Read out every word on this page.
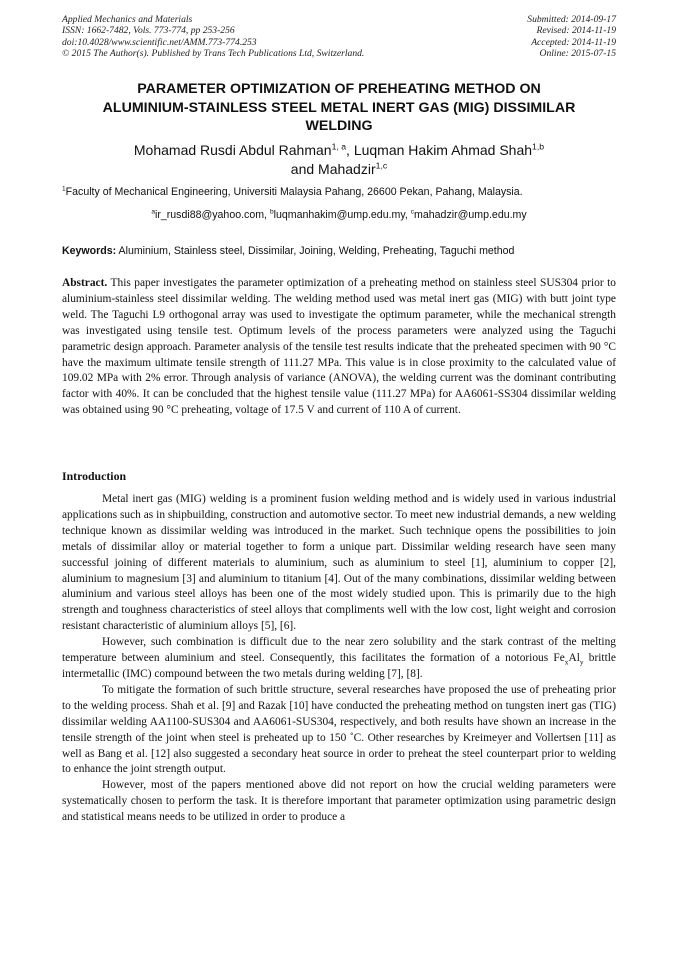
Applied Mechanics and Materials
ISSN: 1662-7482, Vols. 773-774, pp 253-256
doi:10.4028/www.scientific.net/AMM.773-774.253
© 2015 The Author(s). Published by Trans Tech Publications Ltd, Switzerland.
Submitted: 2014-09-17
Revised: 2014-11-19
Accepted: 2014-11-19
Online: 2015-07-15
PARAMETER OPTIMIZATION OF PREHEATING METHOD ON
ALUMINIUM-STAINLESS STEEL METAL INERT GAS (MIG) DISSIMILAR
WELDING
Mohamad Rusdi Abdul Rahman$^{1, a}$, Luqman Hakim Ahmad Shah$^{1,b}$
and Mahadzir$^{1,c}$
$^1$Faculty of Mechanical Engineering, Universiti Malaysia Pahang, 26600 Pekan, Pahang, Malaysia.
$^a$ir_rusdi88@yahoo.com, $^b$luqmanhakim@ump.edu.my, $^c$mahadzir@ump.edu.my
Keywords: Aluminium, Stainless steel, Dissimilar, Joining, Welding, Preheating, Taguchi method
Abstract. This paper investigates the parameter optimization of a preheating method on stainless steel SUS304 prior to aluminium-stainless steel dissimilar welding. The welding method used was metal inert gas (MIG) with butt joint type weld. The Taguchi L9 orthogonal array was used to investigate the optimum parameter, while the mechanical strength was investigated using tensile test. Optimum levels of the process parameters were analyzed using the Taguchi parametric design approach. Parameter analysis of the tensile test results indicate that the preheated specimen with 90 °C have the maximum ultimate tensile strength of 111.27 MPa. This value is in close proximity to the calculated value of 109.02 MPa with 2% error. Through analysis of variance (ANOVA), the welding current was the dominant contributing factor with 40%. It can be concluded that the highest tensile value (111.27 MPa) for AA6061-SS304 dissimilar welding was obtained using 90 °C preheating, voltage of 17.5 V and current of 110 A of current.
Introduction

Metal inert gas (MIG) welding is a prominent fusion welding method and is widely used in various industrial applications such as in shipbuilding, construction and automotive sector. To meet new industrial demands, a new welding technique known as dissimilar welding was introduced in the market. Such technique opens the possibilities to join metals of dissimilar alloy or material together to form a unique part. Dissimilar welding research have seen many successful joining of different materials to aluminium, such as aluminium to steel [1], aluminium to copper [2], aluminium to magnesium [3] and aluminium to titanium [4]. Out of the many combinations, dissimilar welding between aluminium and various steel alloys has been one of the most widely studied upon. This is primarily due to the high strength and toughness characteristics of steel alloys that compliments well with the low cost, light weight and corrosion resistant characteristic of aluminium alloys [5], [6].

However, such combination is difficult due to the near zero solubility and the stark contrast of the melting temperature between aluminium and steel. Consequently, this facilitates the formation of a notorious $Fe_xAl_y$ brittle intermetallic (IMC) compound between the two metals during welding [7], [8].

To mitigate the formation of such brittle structure, several researches have proposed the use of preheating prior to the welding process. Shah et al. [9] and Razak [10] have conducted the preheating method on tungsten inert gas (TIG) dissimilar welding AA1100-SUS304 and AA6061-SUS304, respectively, and both results have shown an increase in the tensile strength of the joint when steel is preheated up to 150 ˚C. Other researches by Kreimeyer and Vollertsen [11] as well as Bang et al. [12] also suggested a secondary heat source in order to preheat the steel counterpart prior to welding to enhance the joint strength output.

However, most of the papers mentioned above did not report on how the crucial welding parameters were systematically chosen to perform the task. It is therefore important that parameter optimization using parametric design and statistical means needs to be utilized in order to produce a
